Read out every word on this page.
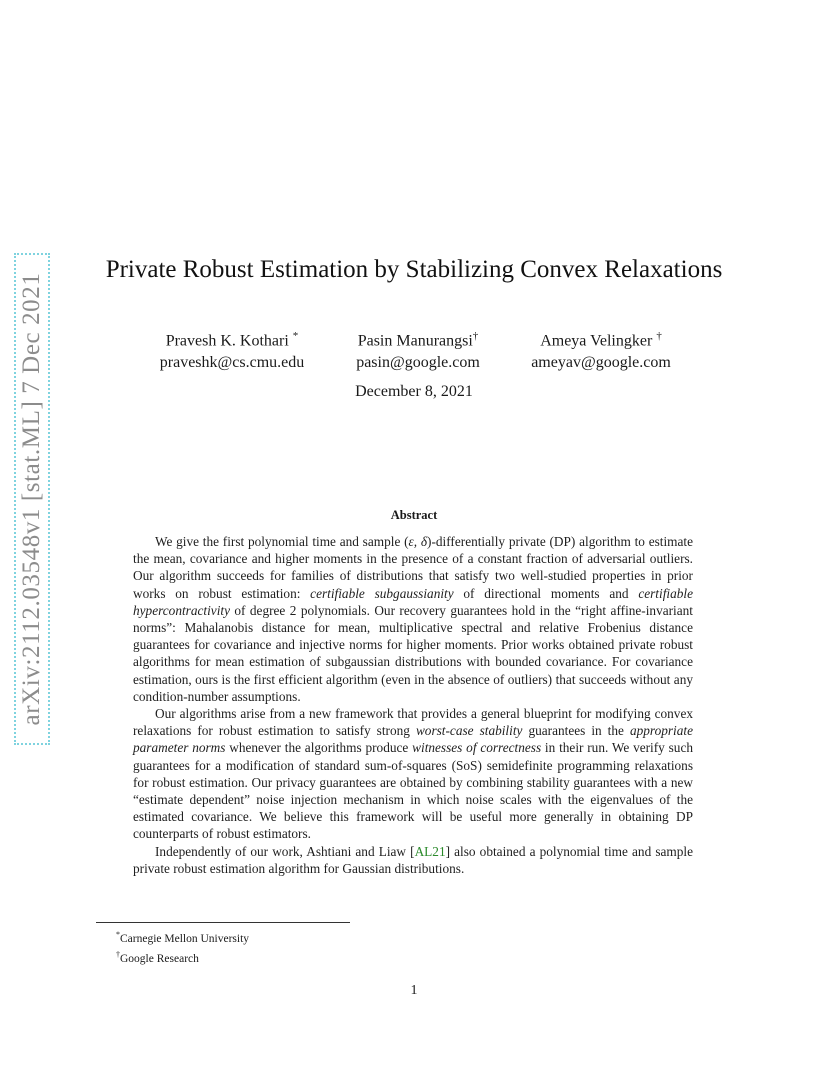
arXiv:2112.03548v1 [stat.ML] 7 Dec 2021
Private Robust Estimation by Stabilizing Convex Relaxations
Pravesh K. Kothari *
praveshk@cs.cmu.edu
Pasin Manurangsi†
pasin@google.com
Ameya Velingker †
ameyav@google.com
December 8, 2021
Abstract

We give the first polynomial time and sample (ε, δ)-differentially private (DP) algorithm to estimate the mean, covariance and higher moments in the presence of a constant fraction of adversarial outliers. Our algorithm succeeds for families of distributions that satisfy two well-studied properties in prior works on robust estimation: certifiable subgaussianity of directional moments and certifiable hypercontractivity of degree 2 polynomials. Our recovery guarantees hold in the “right affine-invariant norms”: Mahalanobis distance for mean, multiplicative spectral and relative Frobenius distance guarantees for covariance and injective norms for higher moments. Prior works obtained private robust algorithms for mean estimation of subgaussian distributions with bounded covariance. For covariance estimation, ours is the first efficient algorithm (even in the absence of outliers) that succeeds without any condition-number assumptions.

Our algorithms arise from a new framework that provides a general blueprint for modifying convex relaxations for robust estimation to satisfy strong worst-case stability guarantees in the appropriate parameter norms whenever the algorithms produce witnesses of correctness in their run. We verify such guarantees for a modification of standard sum-of-squares (SoS) semidefinite programming relaxations for robust estimation. Our privacy guarantees are obtained by combining stability guarantees with a new “estimate dependent” noise injection mechanism in which noise scales with the eigenvalues of the estimated covariance. We believe this framework will be useful more generally in obtaining DP counterparts of robust estimators.

Independently of our work, Ashtiani and Liaw [AL21] also obtained a polynomial time and sample private robust estimation algorithm for Gaussian distributions.

*Carnegie Mellon University
†Google Research
1
